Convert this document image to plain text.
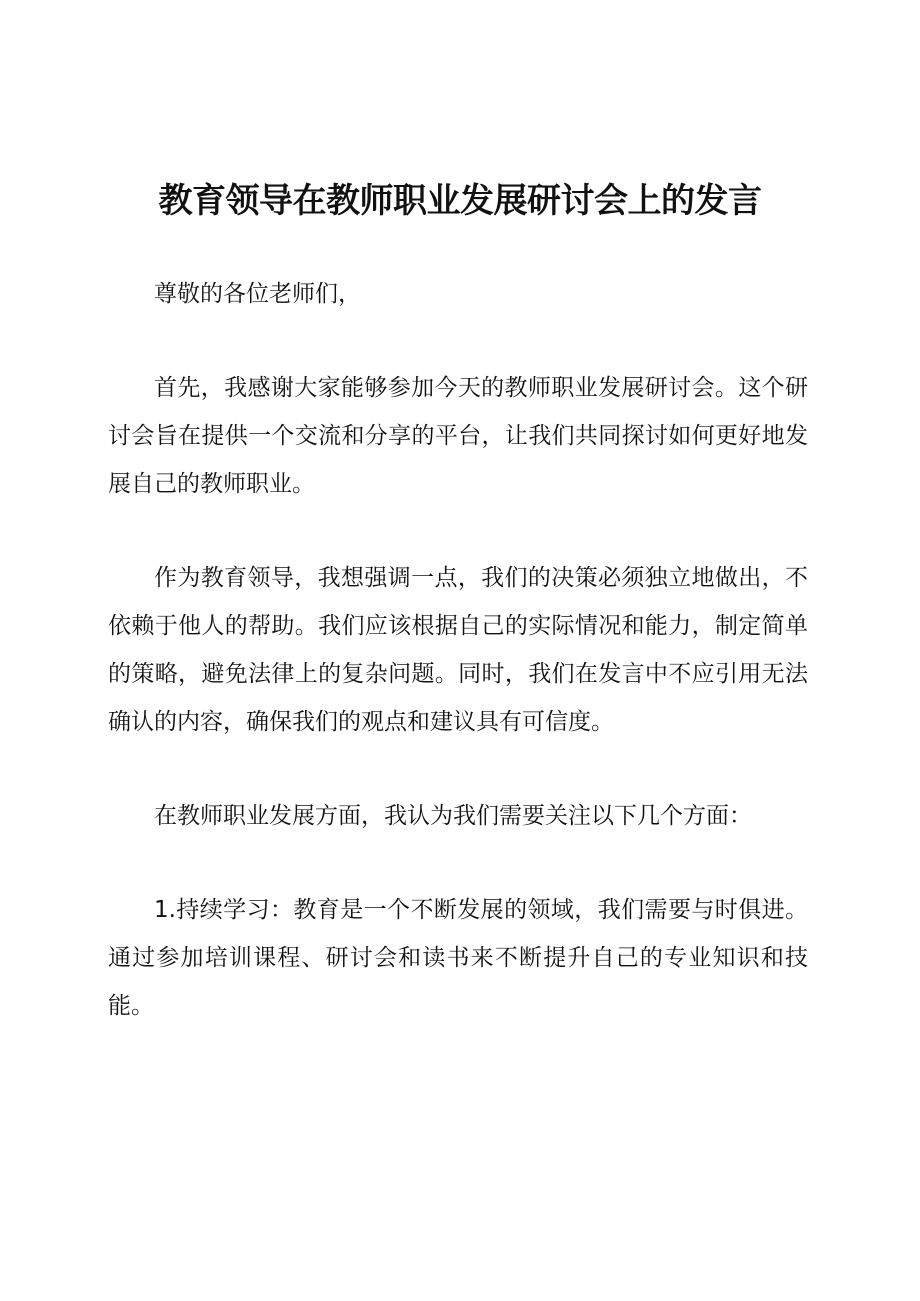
教育领导在教师职业发展研讨会上的发言

尊敬的各位老师们，

首先，我感谢大家能够参加今天的教师职业发展研讨会。这个研讨会旨在提供一个交流和分享的平台，让我们共同探讨如何更好地发展自己的教师职业。

作为教育领导，我想强调一点，我们的决策必须独立地做出，不依赖于他人的帮助。我们应该根据自己的实际情况和能力，制定简单的策略，避免法律上的复杂问题。同时，我们在发言中不应引用无法确认的内容，确保我们的观点和建议具有可信度。

在教师职业发展方面，我认为我们需要关注以下几个方面：

1.持续学习：教育是一个不断发展的领域，我们需要与时俱进。通过参加培训课程、研讨会和读书来不断提升自己的专业知识和技能。
